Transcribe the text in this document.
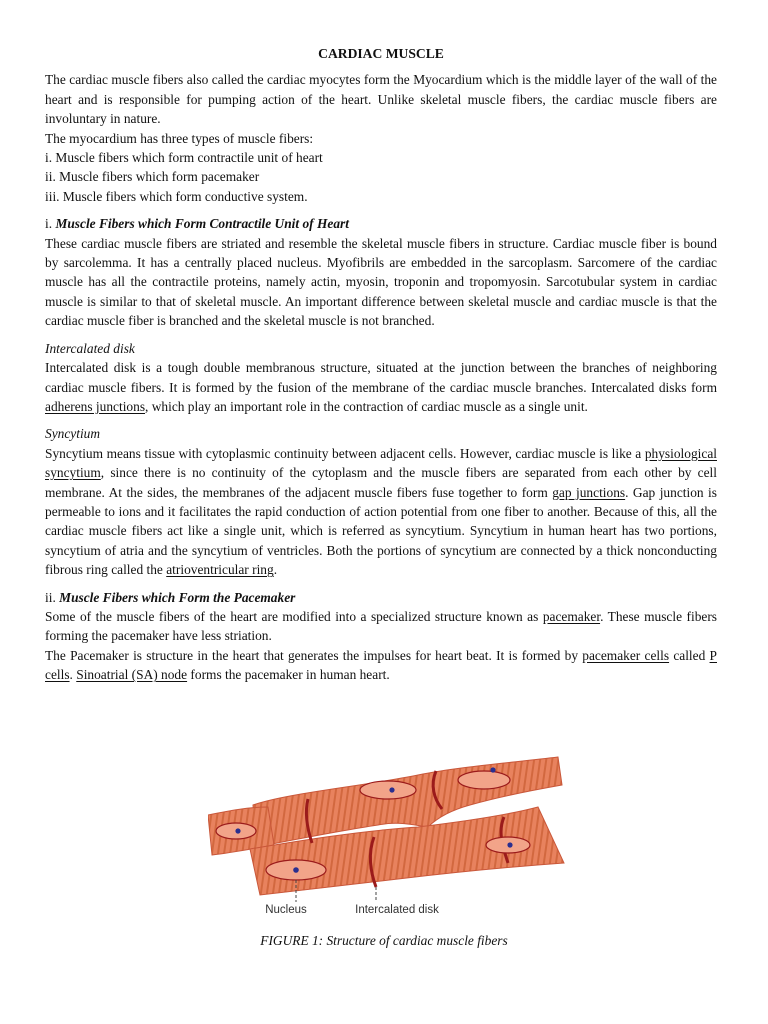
CARDIAC MUSCLE

The cardiac muscle fibers also called the cardiac myocytes form the Myocardium which is the middle layer of the wall of the heart and is responsible for pumping action of the heart. Unlike skeletal muscle fibers, the cardiac muscle fibers are involuntary in nature.

The myocardium has three types of muscle fibers:

i. Muscle fibers which form contractile unit of heart

ii. Muscle fibers which form pacemaker

iii. Muscle fibers which form conductive system.

i. Muscle Fibers which Form Contractile Unit of Heart

These cardiac muscle fibers are striated and resemble the skeletal muscle fibers in structure. Cardiac muscle fiber is bound by sarcolemma. It has a centrally placed nucleus. Myofibrils are embedded in the sarcoplasm. Sarcomere of the cardiac muscle has all the contractile proteins, namely actin, myosin, troponin and tropomyosin. Sarcotubular system in cardiac muscle is similar to that of skeletal muscle. An important difference between skeletal muscle and cardiac muscle is that the cardiac muscle fiber is branched and the skeletal muscle is not branched.

Intercalated disk

Intercalated disk is a tough double membranous structure, situated at the junction between the branches of neighboring cardiac muscle fibers. It is formed by the fusion of the membrane of the cardiac muscle branches. Intercalated disks form adherens junctions, which play an important role in the contraction of cardiac muscle as a single unit.

Syncytium

Syncytium means tissue with cytoplasmic continuity between adjacent cells. However, cardiac muscle is like a physiological syncytium, since there is no continuity of the cytoplasm and the muscle fibers are separated from each other by cell membrane. At the sides, the membranes of the adjacent muscle fibers fuse together to form gap junctions. Gap junction is permeable to ions and it facilitates the rapid conduction of action potential from one fiber to another. Because of this, all the cardiac muscle fibers act like a single unit, which is referred as syncytium. Syncytium in human heart has two portions, syncytium of atria and the syncytium of ventricles. Both the portions of syncytium are connected by a thick nonconducting fibrous ring called the atrioventricular ring.

ii. Muscle Fibers which Form the Pacemaker

Some of the muscle fibers of the heart are modified into a specialized structure known as pacemaker. These muscle fibers forming the pacemaker have less striation.

The Pacemaker is structure in the heart that generates the impulses for heart beat. It is formed by pacemaker cells called P cells. Sinoatrial (SA) node forms the pacemaker in human heart.

Nucleus	Intercalated disk
FIGURE 1: Structure of cardiac muscle fibers
